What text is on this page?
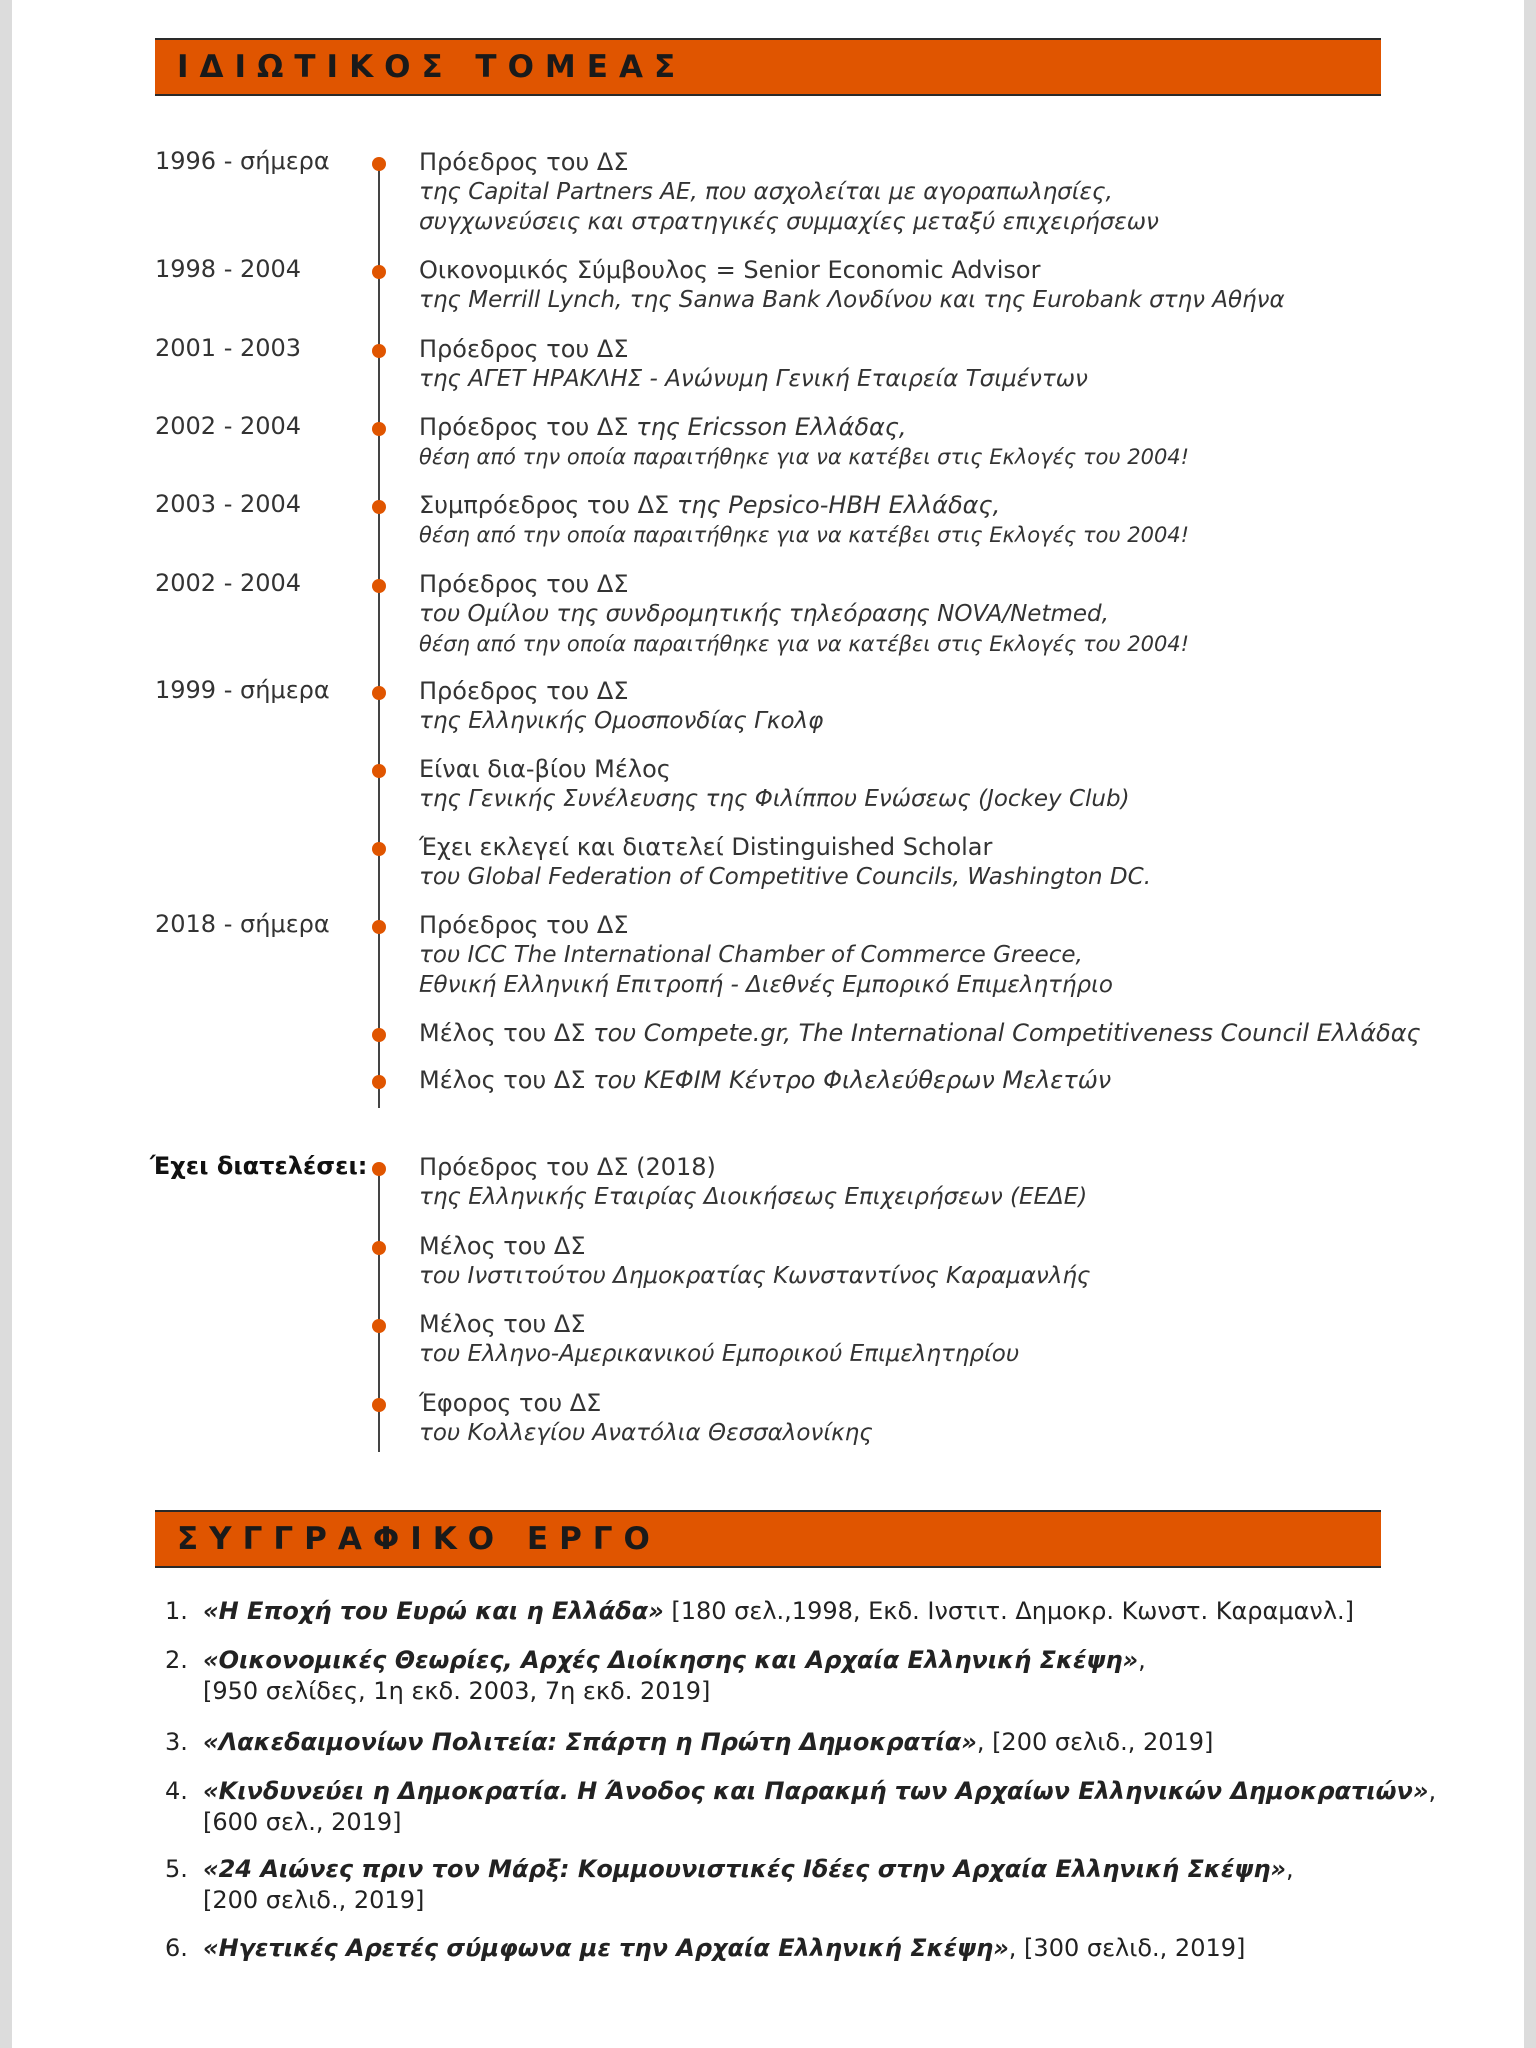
ΙΔΙΩΤΙΚΟΣ ΤΟΜΕΑΣ
1996 - σήμερα	Πρόεδρος του ΔΣ
της Capital Partners ΑΕ, που ασχολείται με αγοραπωλησίες,
συγχωνεύσεις και στρατηγικές συμμαχίες μεταξύ επιχειρήσεων
1998 - 2004	Οικονομικός Σύμβουλος = Senior Economic Advisor
της Merrill Lynch, της Sanwa Bank Λονδίνου και της Eurobank στην Αθήνα
2001 - 2003	Πρόεδρος του ΔΣ
της ΑΓΕΤ ΗΡΑΚΛΗΣ - Ανώνυμη Γενική Εταιρεία Τσιμέντων
2002 - 2004	Πρόεδρος του ΔΣ της Ericsson Ελλάδας,
θέση από την οποία παραιτήθηκε για να κατέβει στις Εκλογές του 2004!
2003 - 2004	Συμπρόεδρος του ΔΣ της Pepsico-HBH Ελλάδας,
θέση από την οποία παραιτήθηκε για να κατέβει στις Εκλογές του 2004!
2002 - 2004	Πρόεδρος του ΔΣ
του Ομίλου της συνδρομητικής τηλεόρασης NOVA/Netmed,
θέση από την οποία παραιτήθηκε για να κατέβει στις Εκλογές του 2004!
1999 - σήμερα	Πρόεδρος του ΔΣ
της Ελληνικής Ομοσπονδίας Γκολφ
Είναι δια-βίου Μέλος
της Γενικής Συνέλευσης της Φιλίππου Ενώσεως (Jockey Club)
Έχει εκλεγεί και διατελεί Distinguished Scholar
του Global Federation of Competitive Councils, Washington DC.
2018 - σήμερα	Πρόεδρος του ΔΣ
του ICC The International Chamber of Commerce Greece,
Εθνική Ελληνική Επιτροπή - Διεθνές Εμπορικό Επιμελητήριο
Μέλος του ΔΣ του Compete.gr, The International Competitiveness Council Ελλάδας
Μέλος του ΔΣ του ΚΕΦΙΜ Κέντρο Φιλελεύθερων Μελετών
Έχει διατελέσει: Πρόεδρος του ΔΣ (2018)
της Ελληνικής Εταιρίας Διοικήσεως Επιχειρήσεων (ΕΕΔΕ)
Μέλος του ΔΣ
του Ινστιτούτου Δημοκρατίας Κωνσταντίνος Καραμανλής
Μέλος του ΔΣ
του Ελληνο-Αμερικανικού Εμπορικού Επιμελητηρίου
Έφορος του ΔΣ
του Κολλεγίου Ανατόλια Θεσσαλονίκης
ΣΥΓΓΡΑΦΙΚΟ ΕΡΓΟ
1. «Η Εποχή του Ευρώ και η Ελλάδα» [180 σελ.,1998, Εκδ. Ινστιτ. Δημοκρ. Κωνστ. Καραμανλ.]
2. «Οικονομικές Θεωρίες, Αρχές Διοίκησης και Αρχαία Ελληνική Σκέψη»,
[950 σελίδες, 1η εκδ. 2003, 7η εκδ. 2019]
3. «Λακεδαιμονίων Πολιτεία: Σπάρτη η Πρώτη Δημοκρατία», [200 σελιδ., 2019]
4. «Κινδυνεύει η Δημοκρατία. Η Άνοδος και Παρακμή των Αρχαίων Ελληνικών Δημοκρατιών»,
[600 σελ., 2019]
5. «24 Αιώνες πριν τον Μάρξ: Κομμουνιστικές Ιδέες στην Αρχαία Ελληνική Σκέψη»,
[200 σελιδ., 2019]
6. «Ηγετικές Αρετές σύμφωνα με την Αρχαία Ελληνική Σκέψη», [300 σελιδ., 2019]
